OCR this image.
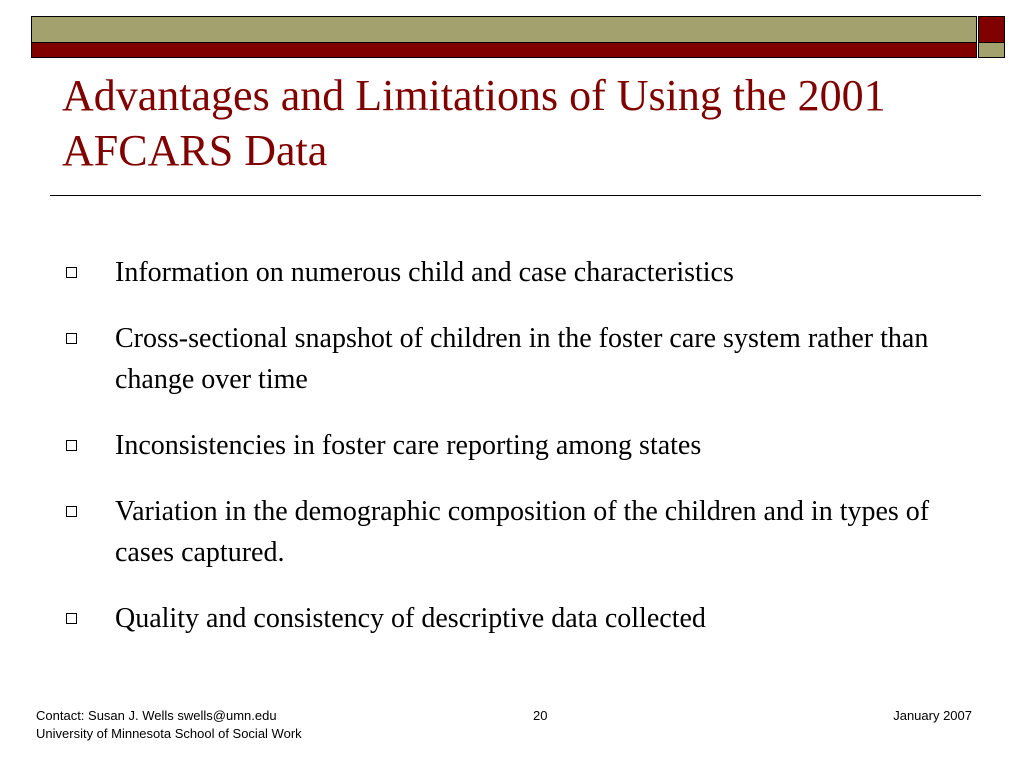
Advantages and Limitations of Using the 2001 AFCARS Data
Information on numerous child and case characteristics
Cross-sectional snapshot of children in the foster care system rather than change over time
Inconsistencies in foster care reporting among states
Variation in the demographic composition of the children and in types of cases captured.
Quality and consistency of descriptive data collected
Contact: Susan J. Wells swells@umn.edu
University of Minnesota School of Social Work
20	January 2007
